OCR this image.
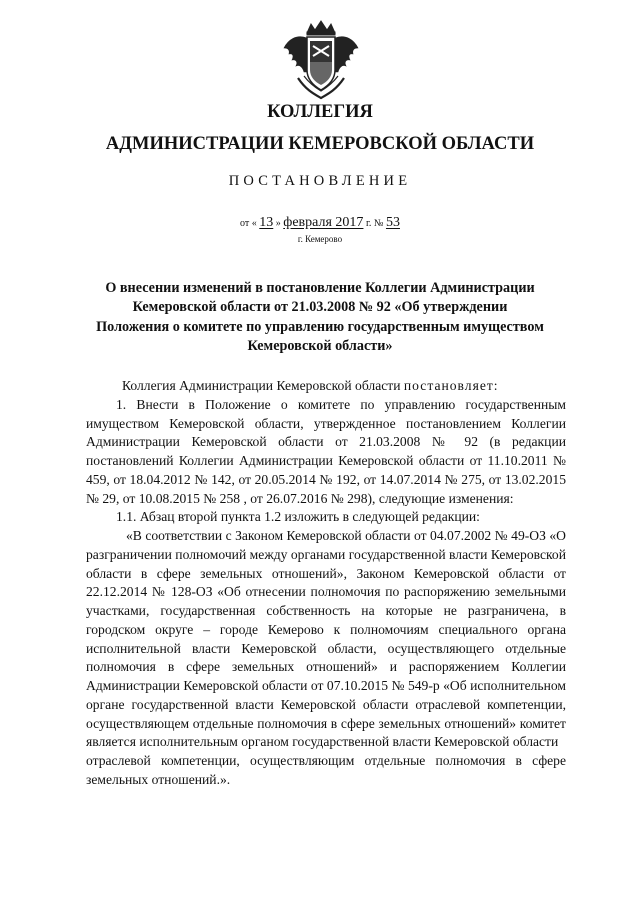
КОЛЛЕГИЯ
АДМИНИСТРАЦИИ КЕМЕРОВСКОЙ ОБЛАСТИ
ПОСТАНОВЛЕНИЕ
от « 13 » февраля 2017 г. № 53
г. Кемерово
О внесении изменений в постановление Коллегии Администрации
Кемеровской области от 21.03.2008 № 92 «Об утверждении
Положения о комитете по управлению государственным имуществом
Кемеровской области»

Коллегия Администрации Кемеровской области постановляет:

1. Внести в Положение о комитете по управлению государственным имуществом Кемеровской области, утвержденное постановлением Коллегии Администрации Кемеровской области от 21.03.2008 № 92 (в редакции постановлений Коллегии Администрации Кемеровской области от 11.10.2011 № 459, от 18.04.2012 № 142, от 20.05.2014 № 192, от 14.07.2014 № 275, от 13.02.2015 № 29, от 10.08.2015 № 258 , от 26.07.2016 № 298), следующие изменения:

1.1. Абзац второй пункта 1.2 изложить в следующей редакции:

«В соответствии с Законом Кемеровской области от 04.07.2002 № 49-ОЗ «О разграничении полномочий между органами государственной власти Кемеровской области в сфере земельных отношений», Законом Кемеровской области от 22.12.2014 № 128-ОЗ «Об отнесении полномочия по распоряжению земельными участками, государственная собственность на которые не разграничена, в городском округе – городе Кемерово к полномочиям специального органа исполнительной власти Кемеровской области, осуществляющего отдельные полномочия в сфере земельных отношений» и распоряжением Коллегии Администрации Кемеровской области от 07.10.2015 № 549-р «Об исполнительном органе государственной власти Кемеровской области отраслевой компетенции, осуществляющем отдельные полномочия в сфере земельных отношений» комитет является исполнительным органом государственной власти Кемеровской области

отраслевой компетенции, осуществляющим отдельные полномочия в сфере земельных отношений.».
